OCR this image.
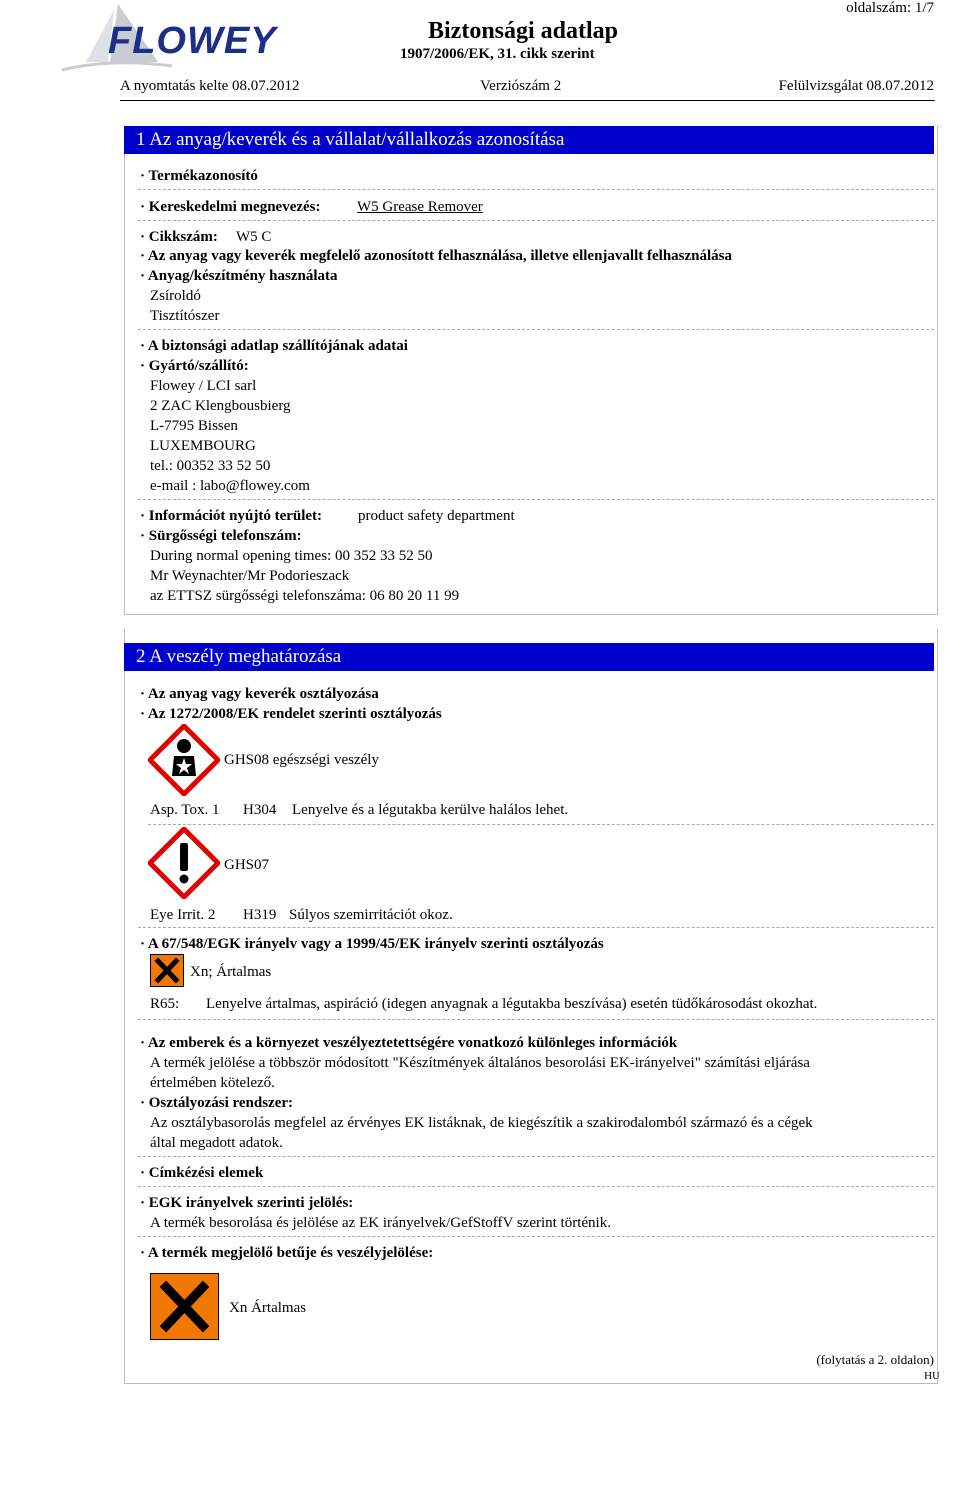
FLOWEY	Biztonsági adatlap
1907/2006/EK, 31. cikk szerint
oldalszám: 1/7
A nyomtatás kelte 08.07.2012	Verziószám 2	Felülvizsgálat 08.07.2012
1 Az anyag/keverék és a vállalat/vállalkozás azonosítása
· Termékazonosító
· Kereskedelmi megnevezés: W5 Grease Remover
· Cikkszám: W5 C
· Az anyag vagy keverék megfelelő azonosított felhasználása, illetve ellenjavallt felhasználása
· Anyag/készítmény használata
Zsíroldó
Tisztítószer
· A biztonsági adatlap szállítójának adatai
· Gyártó/szállító:
Flowey / LCI sarl
2 ZAC Klengbousbierg
L-7795 Bissen
LUXEMBOURG
tel.: 00352 33 52 50
e-mail : labo@flowey.com
· Információt nyújtó terület: product safety department
· Sürgősségi telefonszám:
During normal opening times: 00 352 33 52 50
Mr Weynachter/Mr Podorieszack
az ETTSZ sürgősségi telefonszáma: 06 80 20 11 99
2 A veszély meghatározása
· Az anyag vagy keverék osztályozása
· Az 1272/2008/EK rendelet szerinti osztályozás
GHS08 egészségi veszély
Asp. Tox. 1 H304 Lenyelve és a légutakba kerülve halálos lehet.
GHS07
Eye Irrit. 2 H319 Súlyos szemirritációt okoz.
· A 67/548/EGK irányelv vagy a 1999/45/EK irányelv szerinti osztályozás
Xn; Ártalmas
R65: Lenyelve ártalmas, aspiráció (idegen anyagnak a légutakba beszívása) esetén tüdőkárosodást okozhat.
· Az emberek és a környezet veszélyeztetettségére vonatkozó különleges információk
A termék jelölése a többször módosított "Készítmények általános besorolási EK-irányelvei" számítási eljárása
értelmében kötelező.
· Osztályozási rendszer:
Az osztálybasorolás megfelel az érvényes EK listáknak, de kiegészítik a szakirodalomból származó és a cégek
által megadott adatok.
· Címkézési elemek
· EGK irányelvek szerinti jelölés:
A termék besorolása és jelölése az EK irányelvek/GefStoffV szerint történik.
· A termék megjelölő betűje és veszélyjelölése:
Xn Ártalmas
(folytatás a 2. oldalon)
HU
